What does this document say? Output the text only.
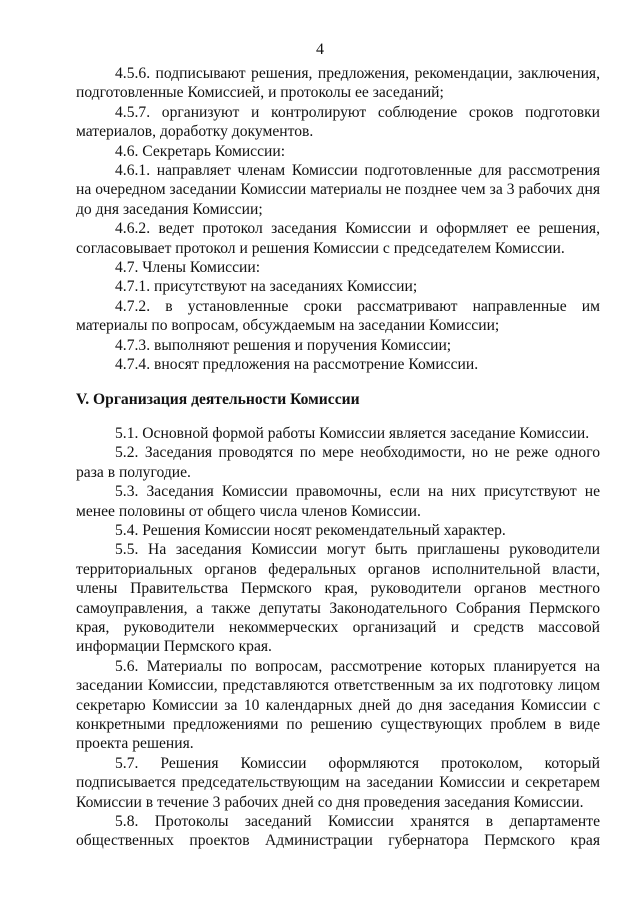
4

4.5.6. подписывают решения, предложения, рекомендации, заключения, подготовленные Комиссией, и протоколы ее заседаний;

4.5.7. организуют и контролируют соблюдение сроков подготовки материалов, доработку документов.

4.6. Секретарь Комиссии:

4.6.1. направляет членам Комиссии подготовленные для рассмотрения на очередном заседании Комиссии материалы не позднее чем за 3 рабочих дня до дня заседания Комиссии;

4.6.2. ведет протокол заседания Комиссии и оформляет ее решения, согласовывает протокол и решения Комиссии с председателем Комиссии.

4.7. Члены Комиссии:

4.7.1. присутствуют на заседаниях Комиссии;

4.7.2. в установленные сроки рассматривают направленные им материалы по вопросам, обсуждаемым на заседании Комиссии;

4.7.3. выполняют решения и поручения Комиссии;

4.7.4. вносят предложения на рассмотрение Комиссии.

V. Организация деятельности Комиссии

5.1. Основной формой работы Комиссии является заседание Комиссии.

5.2. Заседания проводятся по мере необходимости, но не реже одного раза в полугодие.

5.3. Заседания Комиссии правомочны, если на них присутствуют не менее половины от общего числа членов Комиссии.

5.4. Решения Комиссии носят рекомендательный характер.

5.5. На заседания Комиссии могут быть приглашены руководители территориальных органов федеральных органов исполнительной власти, члены Правительства Пермского края, руководители органов местного самоуправления, а также депутаты Законодательного Собрания Пермского края, руководители некоммерческих организаций и средств массовой информации Пермского края.

5.6. Материалы по вопросам, рассмотрение которых планируется на заседании Комиссии, представляются ответственным за их подготовку лицом секретарю Комиссии за 10 календарных дней до дня заседания Комиссии с конкретными предложениями по решению существующих проблем в виде проекта решения.

5.7. Решения Комиссии оформляются протоколом, который подписывается председательствующим на заседании Комиссии и секретарем Комиссии в течение 3 рабочих дней со дня проведения заседания Комиссии.

5.8. Протоколы заседаний Комиссии хранятся в департаменте общественных проектов Администрации губернатора Пермского края
